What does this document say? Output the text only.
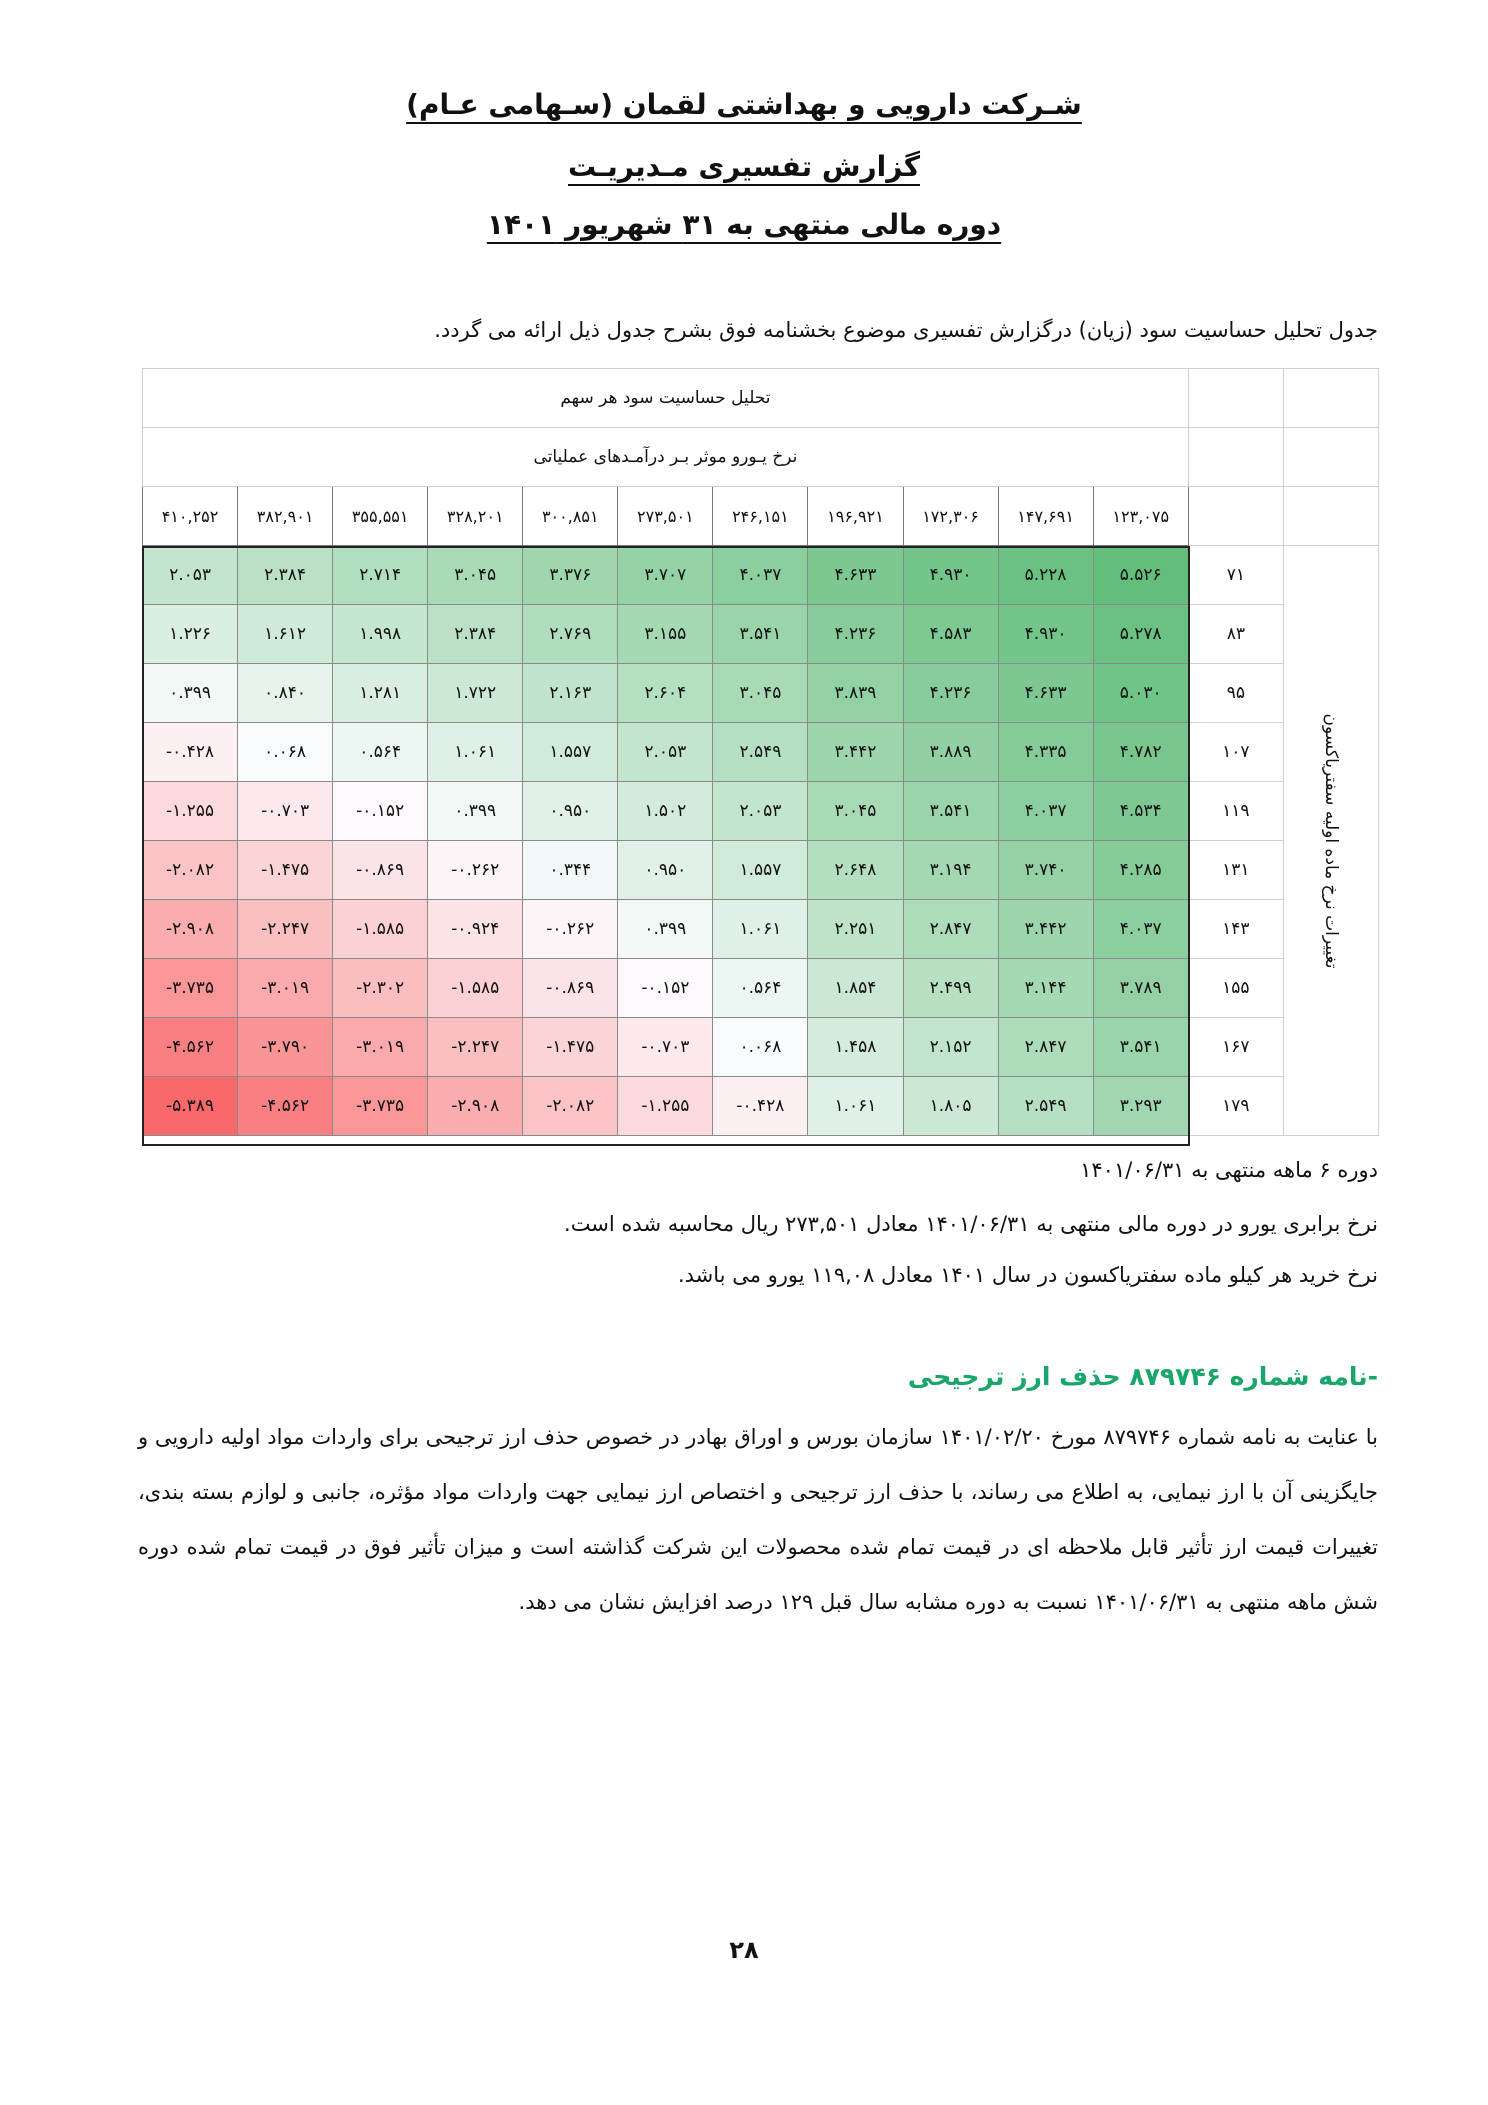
شـرکت دارویی و بهداشتی لقمان (سـهامی عـام)
گزارش تفسیری مـدیریـت
دوره مالی منتهی به ۳۱ شهریور ۱۴۰۱
جدول تحلیل حساسیت سود (زیان) درگزارش تفسیری موضوع بخشنامه فوق بشرح جدول ذیل ارائه می گردد.
تحلیل حساسیت سود هر سهم												
نرخ یـورو موثر بـر درآمـدهای عملیاتی												
۴۱۰,۲۵۲	۳۸۲,۹۰۱	۳۵۵,۵۵۱	۳۲۸,۲۰۱	۳۰۰,۸۵۱	۲۷۳,۵۰۱	۲۴۶,۱۵۱	۱۹۶,۹۲۱	۱۷۲,۳۰۶	۱۴۷,۶۹۱	۱۲۳,۰۷۵		
۲.۰۵۳	۲.۳۸۴	۲.۷۱۴	۳.۰۴۵	۳.۳۷۶	۳.۷۰۷	۴.۰۳۷	۴.۶۳۳	۴.۹۳۰	۵.۲۲۸	۵.۵۲۶	۷۱	تغییرات نرخ ماده اولیه سفتریاکسون

۱.۲۲۶	۱.۶۱۲	۱.۹۹۸	۲.۳۸۴	۲.۷۶۹	۳.۱۵۵	۳.۵۴۱	۴.۲۳۶	۴.۵۸۳	۴.۹۳۰	۵.۲۷۸	۸۳	
۰.۳۹۹	۰.۸۴۰	۱.۲۸۱	۱.۷۲۲	۲.۱۶۳	۲.۶۰۴	۳.۰۴۵	۳.۸۳۹	۴.۲۳۶	۴.۶۳۳	۵.۰۳۰	۹۵	
-۰.۴۲۸	۰.۰۶۸	۰.۵۶۴	۱.۰۶۱	۱.۵۵۷	۲.۰۵۳	۲.۵۴۹	۳.۴۴۲	۳.۸۸۹	۴.۳۳۵	۴.۷۸۲	۱۰۷	
-۱.۲۵۵	-۰.۷۰۳	-۰.۱۵۲	۰.۳۹۹	۰.۹۵۰	۱.۵۰۲	۲.۰۵۳	۳.۰۴۵	۳.۵۴۱	۴.۰۳۷	۴.۵۳۴	۱۱۹	
-۲.۰۸۲	-۱.۴۷۵	-۰.۸۶۹	-۰.۲۶۲	۰.۳۴۴	۰.۹۵۰	۱.۵۵۷	۲.۶۴۸	۳.۱۹۴	۳.۷۴۰	۴.۲۸۵	۱۳۱	
-۲.۹۰۸	-۲.۲۴۷	-۱.۵۸۵	-۰.۹۲۴	-۰.۲۶۲	۰.۳۹۹	۱.۰۶۱	۲.۲۵۱	۲.۸۴۷	۳.۴۴۲	۴.۰۳۷	۱۴۳	
-۳.۷۳۵	-۳.۰۱۹	-۲.۳۰۲	-۱.۵۸۵	-۰.۸۶۹	-۰.۱۵۲	۰.۵۶۴	۱.۸۵۴	۲.۴۹۹	۳.۱۴۴	۳.۷۸۹	۱۵۵	
-۴.۵۶۲	-۳.۷۹۰	-۳.۰۱۹	-۲.۲۴۷	-۱.۴۷۵	-۰.۷۰۳	۰.۰۶۸	۱.۴۵۸	۲.۱۵۲	۲.۸۴۷	۳.۵۴۱	۱۶۷	
-۵.۳۸۹	-۴.۵۶۲	-۳.۷۳۵	-۲.۹۰۸	-۲.۰۸۲	-۱.۲۵۵	-۰.۴۲۸	۱.۰۶۱	۱.۸۰۵	۲.۵۴۹	۳.۲۹۳	۱۷۹	
دوره ۶ ماهه منتهی به ۱۴۰۱/۰۶/۳۱
نرخ برابری یورو در دوره مالی منتهی به ۱۴۰۱/۰۶/۳۱ معادل ۲۷۳,۵۰۱ ریال محاسبه شده است.
نرخ خرید هر کیلو ماده سفتریاکسون در سال ۱۴۰۱ معادل ۱۱۹,۰۸ یورو می باشد.
-نامه شماره ۸۷۹۷۴۶ حذف ارز ترجیحی
با عنایت به نامه شماره ۸۷۹۷۴۶ مورخ ۱۴۰۱/۰۲/۲۰ سازمان بورس و اوراق بهادر در خصوص حذف ارز ترجیحی برای واردات مواد اولیه دارویی و جایگزینی آن با ارز نیمایی، به اطلاع می رساند، با حذف ارز ترجیحی و اختصاص ارز نیمایی جهت واردات مواد مؤثره، جانبی و لوازم بسته بندی، تغییرات قیمت ارز تأثیر قابل ملاحظه ای در قیمت تمام شده محصولات این شرکت گذاشته است و میزان تأثیر فوق در قیمت تمام شده دوره شش ماهه منتهی به ۱۴۰۱/۰۶/۳۱ نسبت به دوره مشابه سال قبل ۱۲۹ درصد افزایش نشان می دهد.
۲۸
